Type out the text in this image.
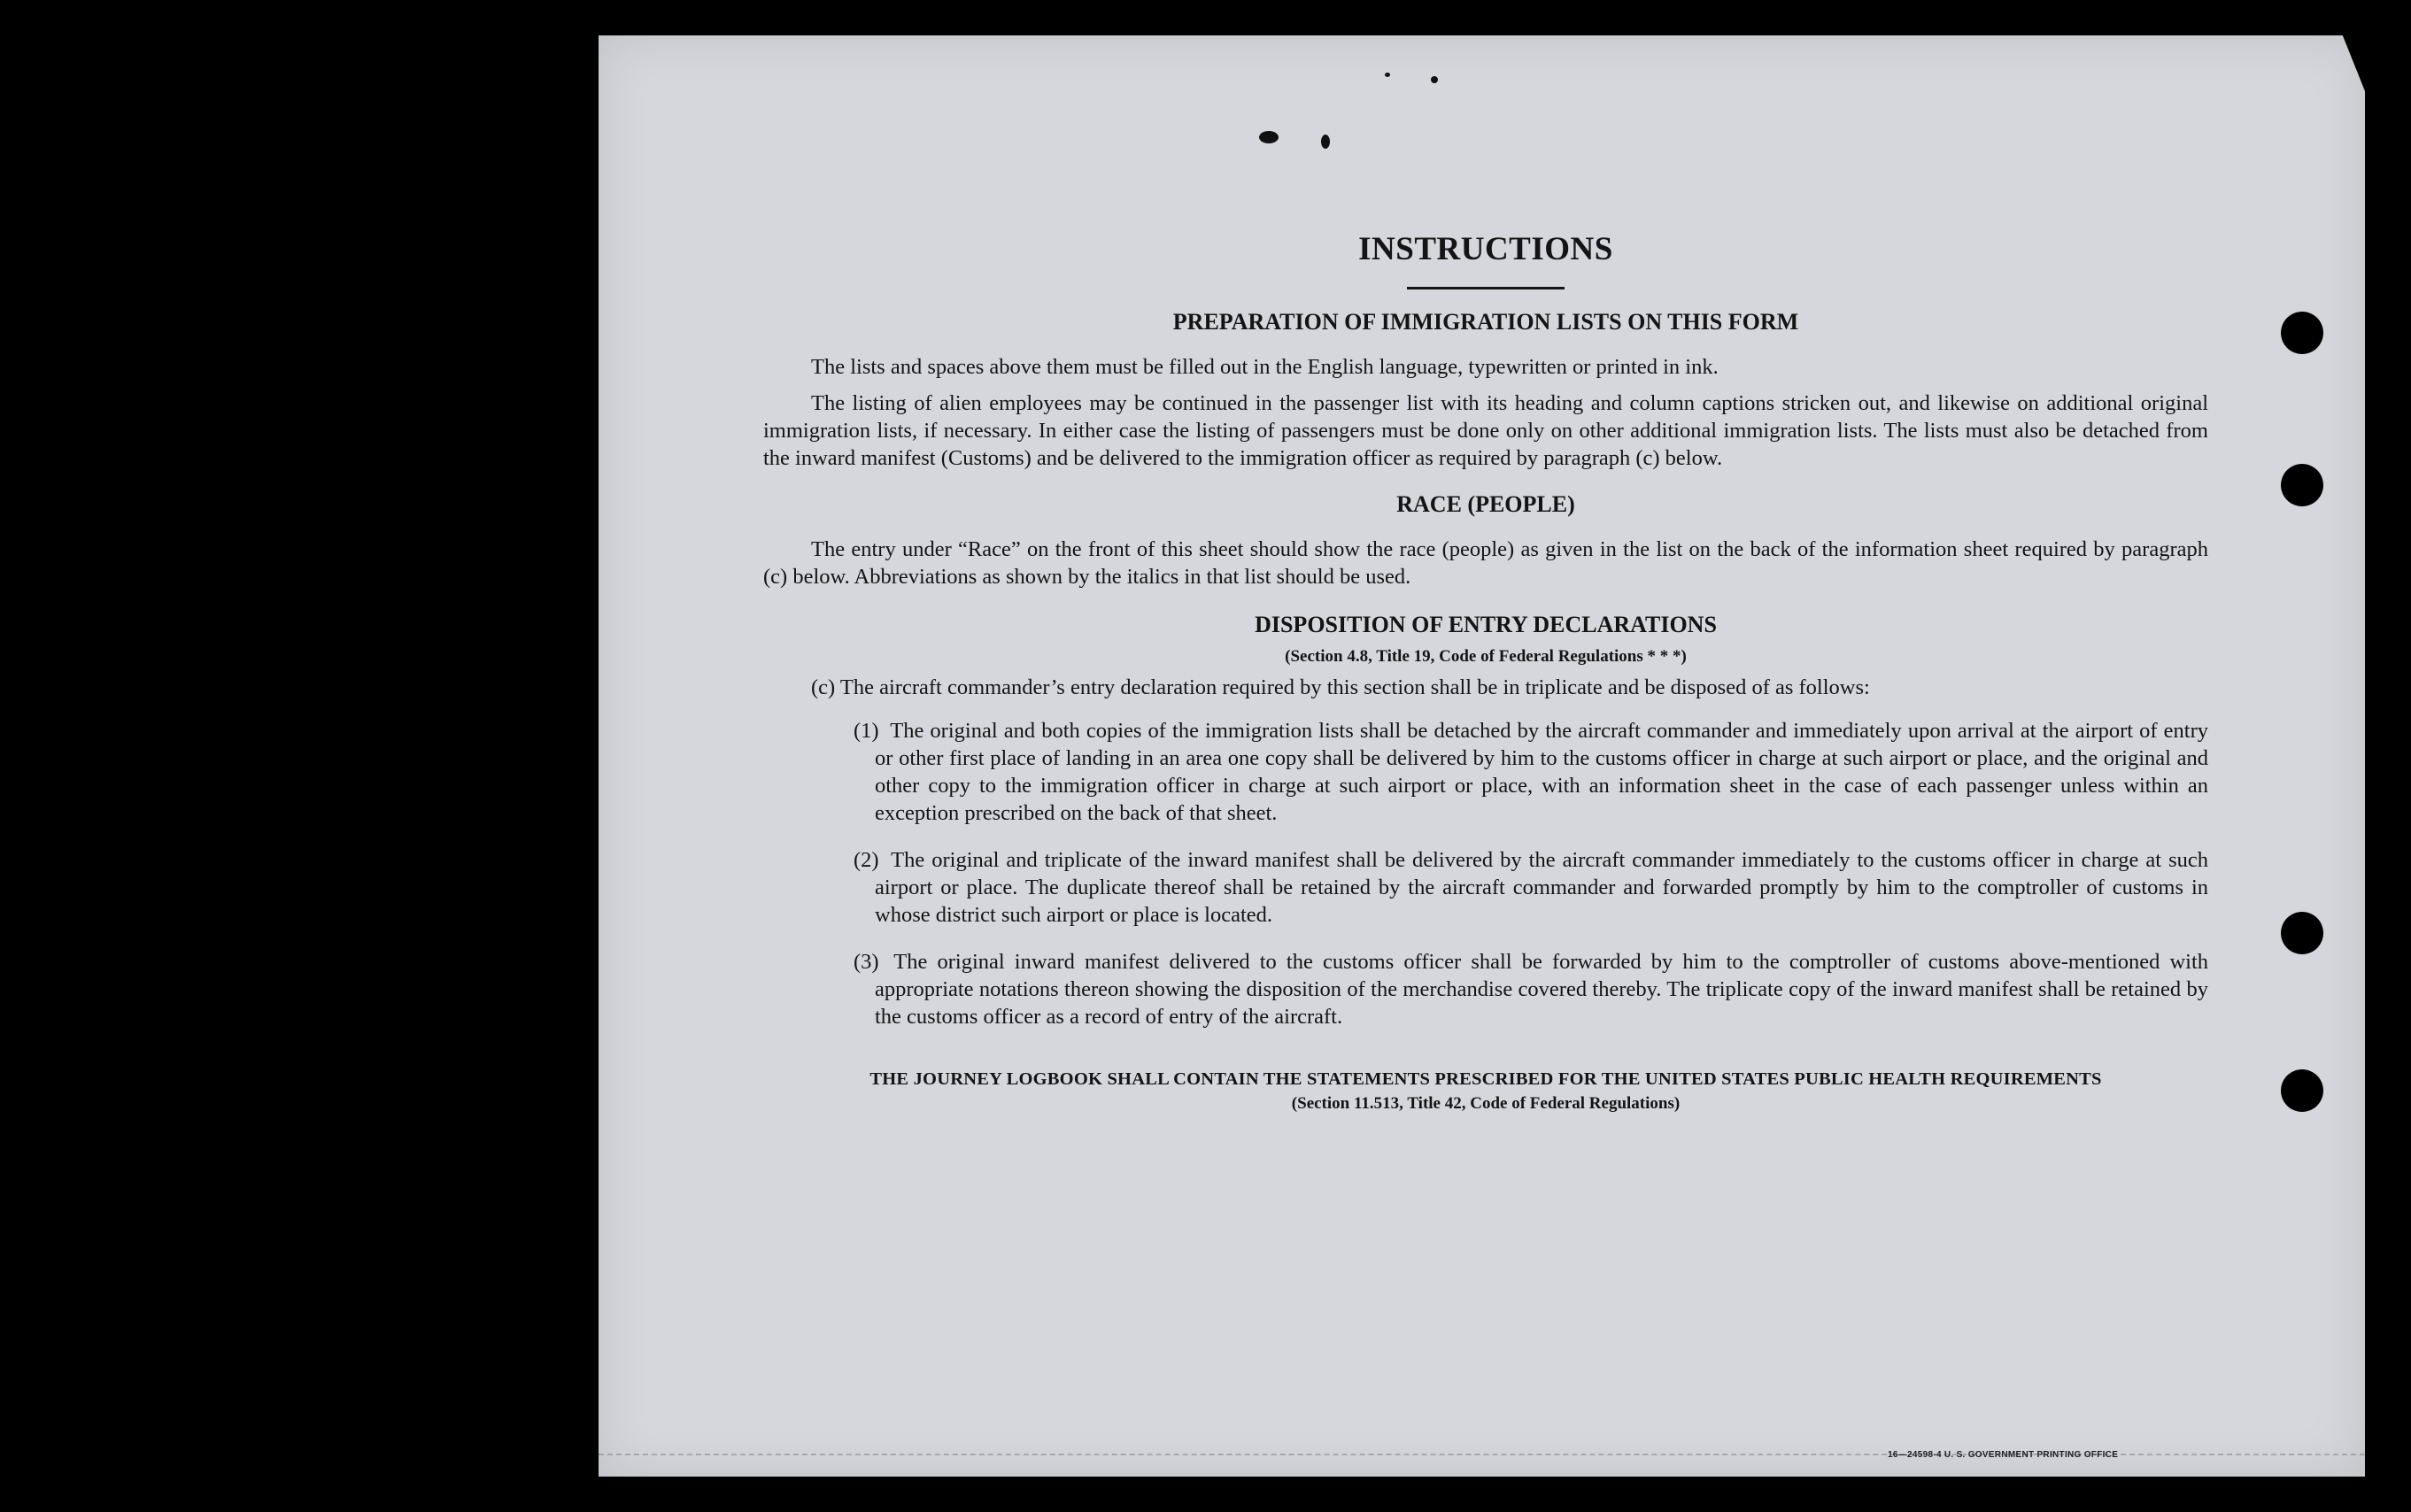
INSTRUCTIONS
PREPARATION OF IMMIGRATION LISTS ON THIS FORM

The lists and spaces above them must be filled out in the English language, typewritten or printed in ink.

The listing of alien employees may be continued in the passenger list with its heading and column captions stricken out, and likewise on additional original immigration lists, if necessary. In either case the listing of passengers must be done only on other additional immigration lists. The lists must also be detached from the inward manifest (Customs) and be delivered to the immigration officer as required by paragraph (c) below.

RACE (PEOPLE)

The entry under “Race” on the front of this sheet should show the race (people) as given in the list on the back of the information sheet required by paragraph (c) below. Abbreviations as shown by the italics in that list should be used.

DISPOSITION OF ENTRY DECLARATIONS
(Section 4.8, Title 19, Code of Federal Regulations * * *)

(c) The aircraft commander’s entry declaration required by this section shall be in triplicate and be disposed of as follows:

(1) The original and both copies of the immigration lists shall be detached by the aircraft commander and immediately upon arrival at the airport of entry or other first place of landing in an area one copy shall be delivered by him to the customs officer in charge at such airport or place, and the original and other copy to the immigration officer in charge at such airport or place, with an information sheet in the case of each passenger unless within an exception prescribed on the back of that sheet.

(2) The original and triplicate of the inward manifest shall be delivered by the aircraft commander immediately to the customs officer in charge at such airport or place. The duplicate thereof shall be retained by the aircraft commander and forwarded promptly by him to the comptroller of customs in whose district such airport or place is located.

(3) The original inward manifest delivered to the customs officer shall be forwarded by him to the comptroller of customs above-mentioned with appropriate notations thereon showing the disposition of the merchandise covered thereby. The triplicate copy of the inward manifest shall be retained by the customs officer as a record of entry of the aircraft.

THE JOURNEY LOGBOOK SHALL CONTAIN THE STATEMENTS PRESCRIBED FOR THE UNITED STATES PUBLIC HEALTH REQUIREMENTS
(Section 11.513, Title 42, Code of Federal Regulations)
16—24598-4 U. S. GOVERNMENT PRINTING OFFICE
